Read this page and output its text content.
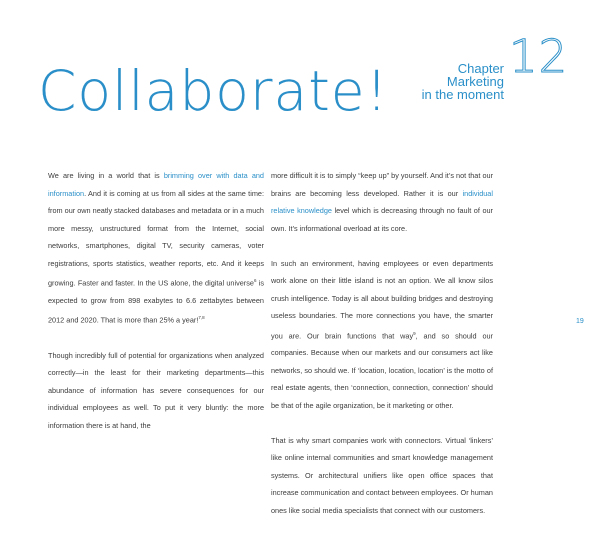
Collaborate!	Chapter
Marketing
in the moment
12

We are living in a world that is brimming over with data and information. And it is coming at us from all sides at the same time: from our own neatly stacked databases and metadata or in a much more messy, unstructured format from the Internet, social networks, smartphones, digital TV, security cameras, voter registrations, sports statistics, weather reports, etc. And it keeps growing. Faster and faster. In the US alone, the digital universe$^6$ is expected to grow from 898 exabytes to 6.6 zettabytes between 2012 and 2020. That is more than 25% a year!$^{7,8}$

Though incredibly full of potential for organizations when analyzed correctly—in the least for their marketing departments—this abundance of information has severe consequences for our individual employees as well. To put it very bluntly: the more information there is at hand, the

more difficult it is to simply “keep up” by yourself. And it’s not that our brains are becoming less developed. Rather it is our individual relative knowledge level which is decreasing through no fault of our own. It’s informational overload at its core.

In such an environment, having employees or even departments work alone on their little island is not an option. We all know silos crush intelligence. Today is all about building bridges and destroying useless boundaries. The more connections you have, the smarter you are. Our brain functions that way$^9$, and so should our companies. Because when our markets and our consumers act like networks, so should we. If ‘location, location, location’ is the motto of real estate agents, then ‘connection, connection, connection’ should be that of the agile organization, be it marketing or other.

That is why smart companies work with connectors. Virtual ‘linkers’ like online internal communities and smart knowledge management systems. Or architectural unifiers like open office spaces that increase communication and contact between employees. Or human ones like social media specialists that connect with our customers.

19
